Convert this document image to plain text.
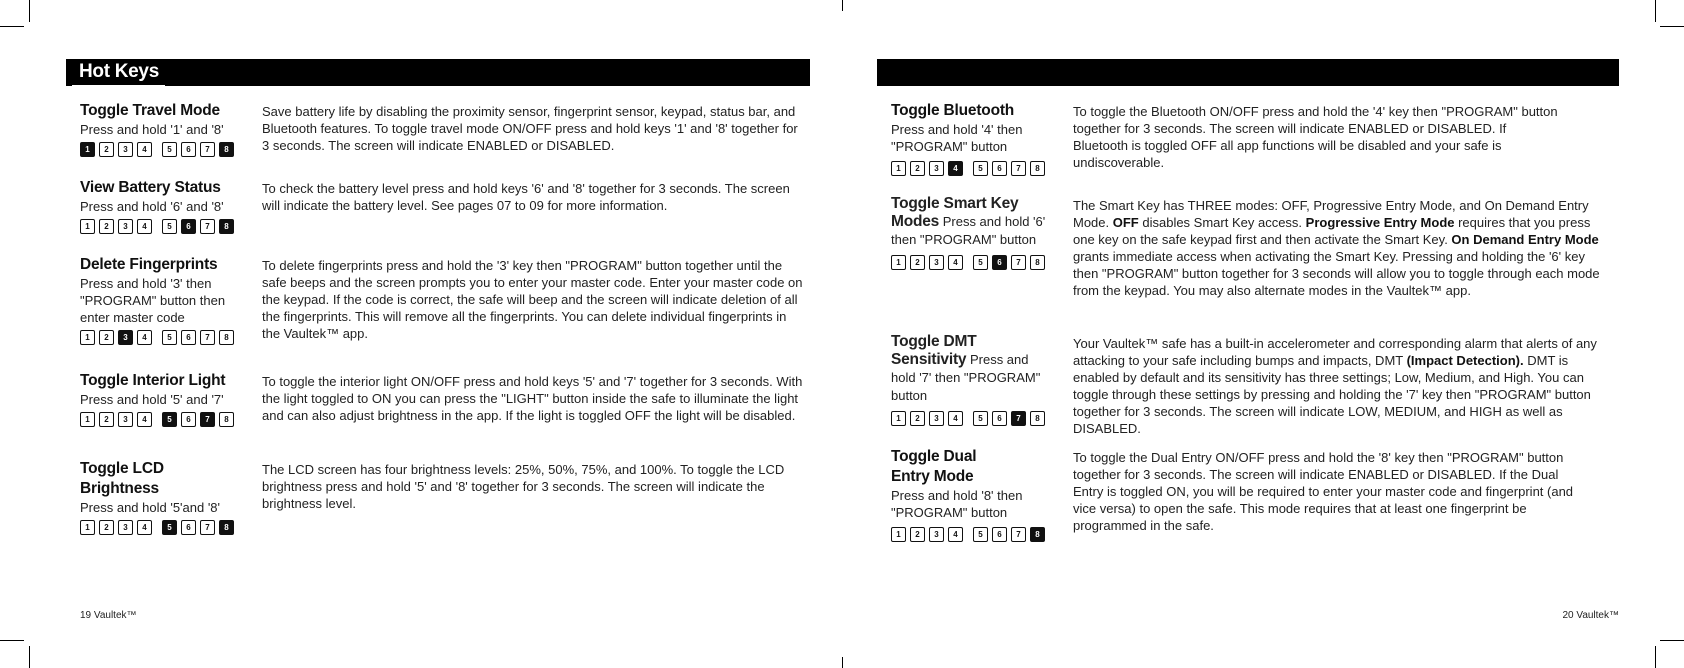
Hot Keys
Toggle Travel Mode
Press and hold '1' and '8'
1	2	3	4	5	6	7	8
Save battery life by disabling the proximity sensor, fingerprint sensor, keypad, status bar, and Bluetooth features. To toggle travel mode ON/OFF press and hold keys '1' and '8' together for 3 seconds. The screen will indicate ENABLED or DISABLED.
View Battery Status
Press and hold '6' and '8'
1	2	3	4	5	6	7	8
To check the battery level press and hold keys '6' and '8' together for 3 seconds. The screen will indicate the battery level. See pages 07 to 09 for more information.
Delete Fingerprints
Press and hold '3' then "PROGRAM" button then enter master code
1	2	3	4	5	6	7	8
To delete fingerprints press and hold the '3' key then "PROGRAM" button together until the safe beeps and the screen prompts you to enter your master code. Enter your master code on the keypad. If the code is correct, the safe will beep and the screen will indicate deletion of all the fingerprints. This will remove all the fingerprints. You can delete individual fingerprints in the Vaultek™ app.
Toggle Interior Light
Press and hold '5' and '7'
1	2	3	4	5	6	7	8
To toggle the interior light ON/OFF press and hold keys '5' and '7' together for 3 seconds. With the light toggled to ON you can press the "LIGHT" button inside the safe to illuminate the light and can also adjust brightness in the app. If the light is toggled OFF the light will be disabled.
Toggle LCD Brightness
Press and hold '5'and '8'
1	2	3	4	5	6	7	8
The LCD screen has four brightness levels: 25%, 50%, 75%, and 100%. To toggle the LCD brightness press and hold '5' and '8' together for 3 seconds. The screen will indicate the brightness level.
19 Vaultek™
Toggle Bluetooth
Press and hold '4' then "PROGRAM" button
1	2	3	4	5	6	7	8
To toggle the Bluetooth ON/OFF press and hold the '4' key then "PROGRAM" button together for 3 seconds. The screen will indicate ENABLED or DISABLED. If Bluetooth is toggled OFF all app functions will be disabled and your safe is undiscoverable.
Toggle Smart Key Modes Press and hold '6' then "PROGRAM" button
1	2	3	4	5	6	7	8
The Smart Key has THREE modes: OFF, Progressive Entry Mode, and On Demand Entry Mode. OFF disables Smart Key access. Progressive Entry Mode requires that you press one key on the safe keypad first and then activate the Smart Key. On Demand Entry Mode grants immediate access when activating the Smart Key. Pressing and holding the '6' key then "PROGRAM" button together for 3 seconds will allow you to toggle through each mode from the keypad. You may also alternate modes in the Vaultek™ app.
Toggle DMT Sensitivity Press and hold '7' then "PROGRAM" button
1	2	3	4	5	6	7	8
Your Vaultek™ safe has a built-in accelerometer and corresponding alarm that alerts of any attacking to your safe including bumps and impacts, DMT (Impact Detection). DMT is enabled by default and its sensitivity has three settings; Low, Medium, and High. You can toggle through these settings by pressing and holding the '7' key then "PROGRAM" button together for 3 seconds. The screen will indicate LOW, MEDIUM, and HIGH as well as DISABLED.
Toggle Dual Entry Mode
Press and hold '8' then "PROGRAM" button
1	2	3	4	5	6	7	8
To toggle the Dual Entry ON/OFF press and hold the '8' key then "PROGRAM" button together for 3 seconds. The screen will indicate ENABLED or DISABLED. If the Dual Entry is toggled ON, you will be required to enter your master code and fingerprint (and vice versa) to open the safe. This mode requires that at least one fingerprint be programmed in the safe.
20 Vaultek™
